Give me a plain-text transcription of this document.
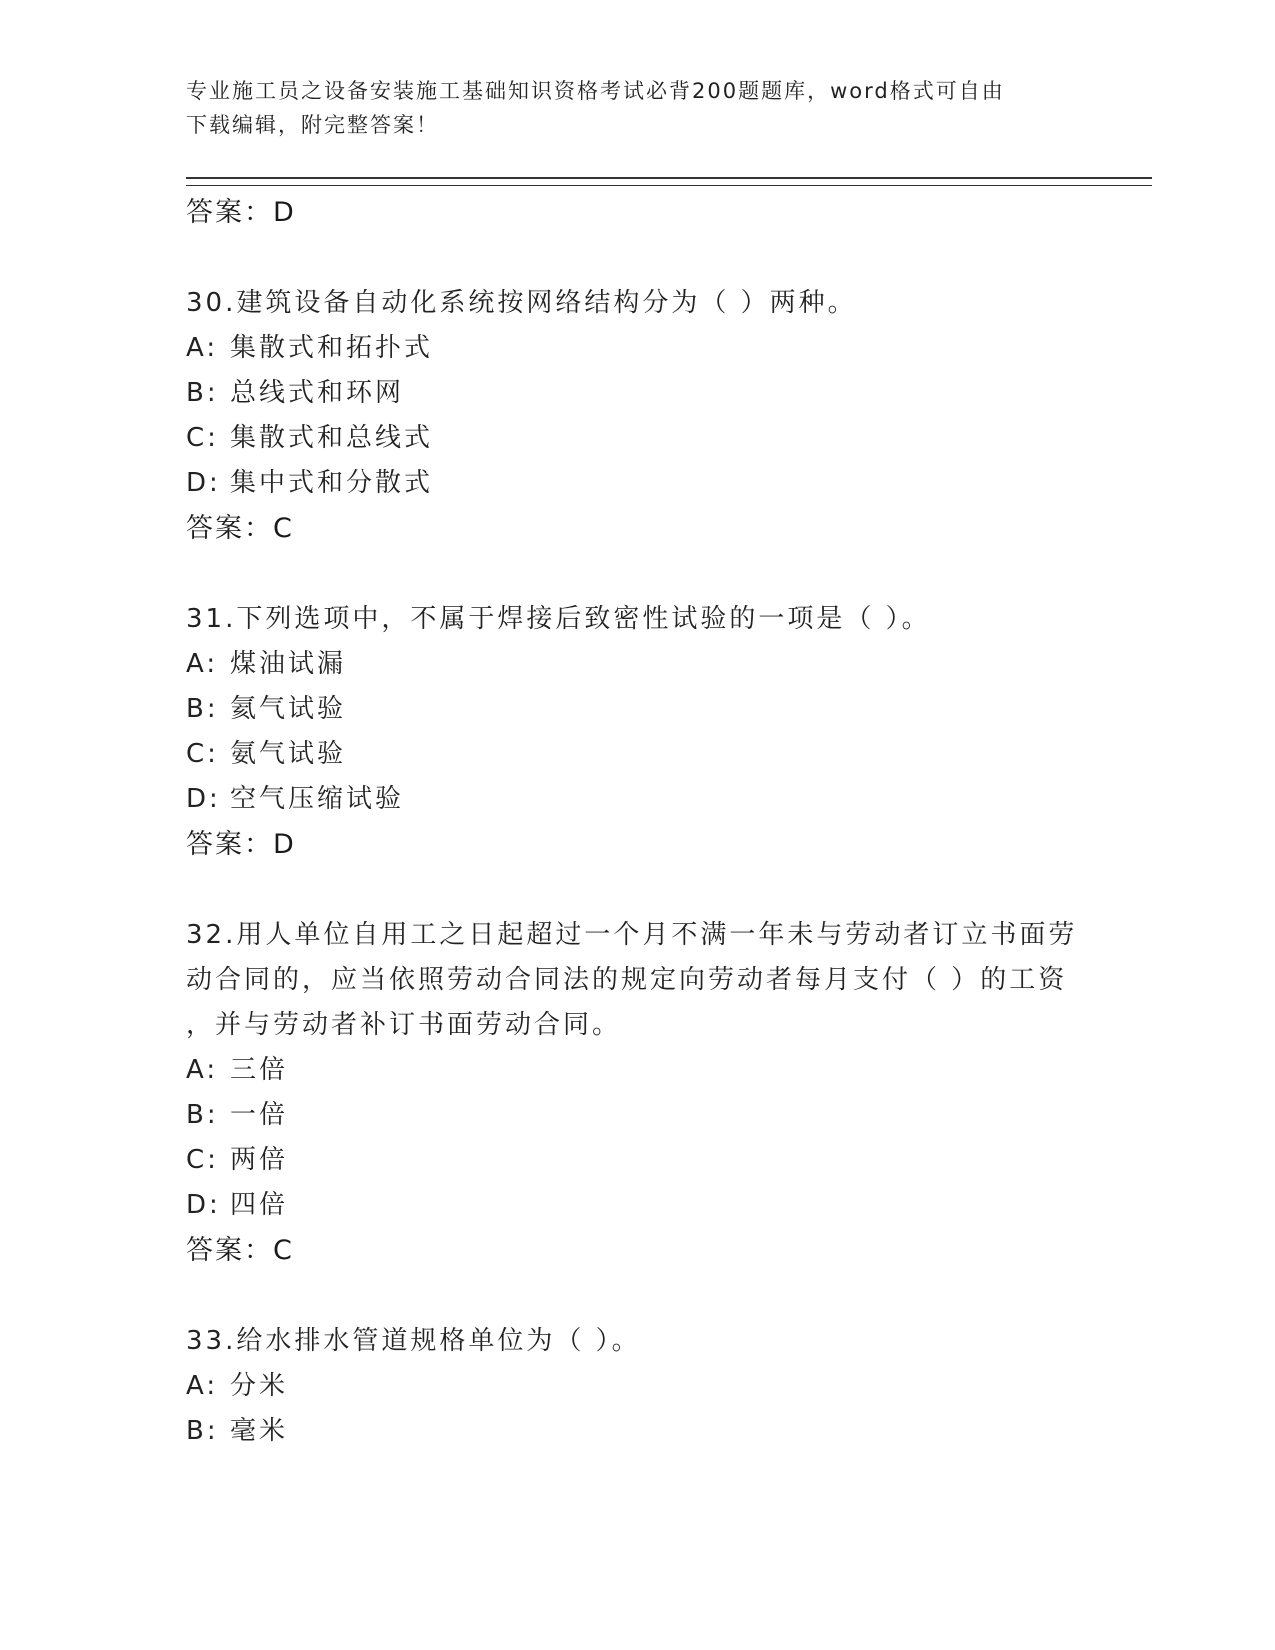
专业施工员之设备安装施工基础知识资格考试必背200题题库，word格式可自由
下载编辑，附完整答案！

答案：D

30.建筑设备自动化系统按网络结构分为（ ）两种。

A: 集散式和拓扑式

B: 总线式和环网

C: 集散式和总线式

D: 集中式和分散式

答案：C

31.下列选项中，不属于焊接后致密性试验的一项是（ ）。

A: 煤油试漏

B: 氦气试验

C: 氨气试验

D: 空气压缩试验

答案：D

32.用人单位自用工之日起超过一个月不满一年未与劳动者订立书面劳

动合同的，应当依照劳动合同法的规定向劳动者每月支付（ ）的工资

，并与劳动者补订书面劳动合同。

A: 三倍

B: 一倍

C: 两倍

D: 四倍

答案：C

33.给水排水管道规格单位为（ ）。

A: 分米

B: 毫米
